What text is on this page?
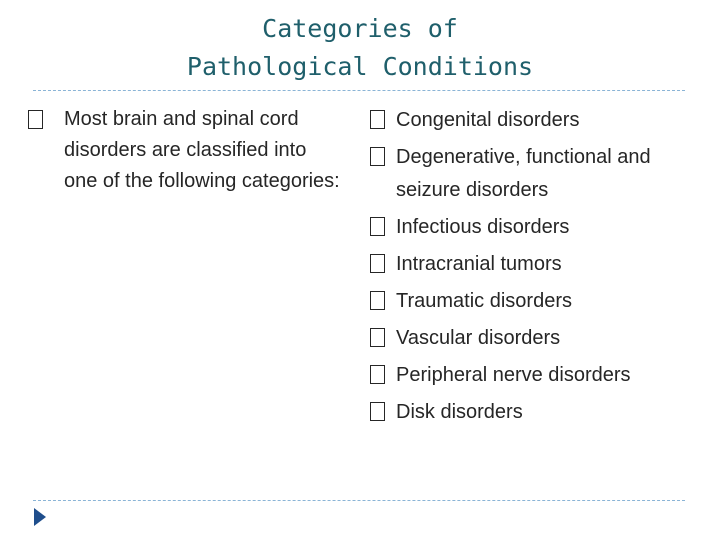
Categories of
Pathological Conditions
Most brain and spinal cord disorders are classified into one of the following categories:
Congenital disorders
Degenerative, functional and seizure disorders
Infectious disorders
Intracranial tumors
Traumatic disorders
Vascular disorders
Peripheral nerve disorders
Disk disorders
